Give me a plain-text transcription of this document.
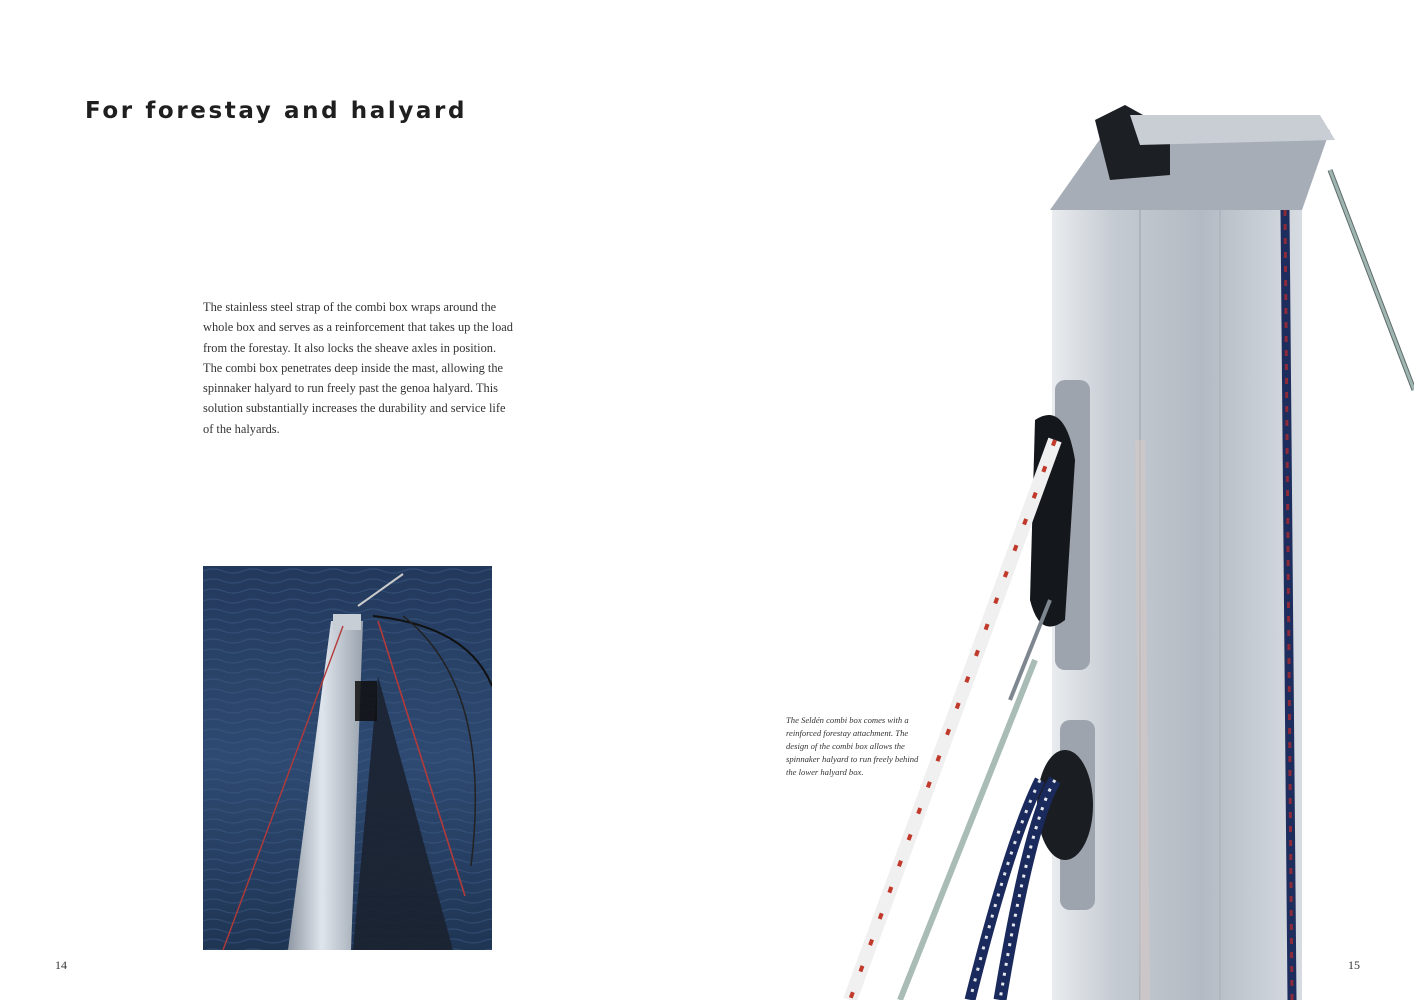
For forestay and halyard

The stainless steel strap of the combi box wraps around the whole box and serves as a reinforcement that takes up the load from the forestay. It also locks the sheave axles in position. The combi box penetrates deep inside the mast, allowing the spinnaker halyard to run freely past the genoa halyard. This solution substantially increases the durability and service life of the halyards.

The Seldén combi box comes with a reinforced forestay attachment. The design of the combi box allows the spinnaker halyard to run freely behind the lower halyard box.

14	15
